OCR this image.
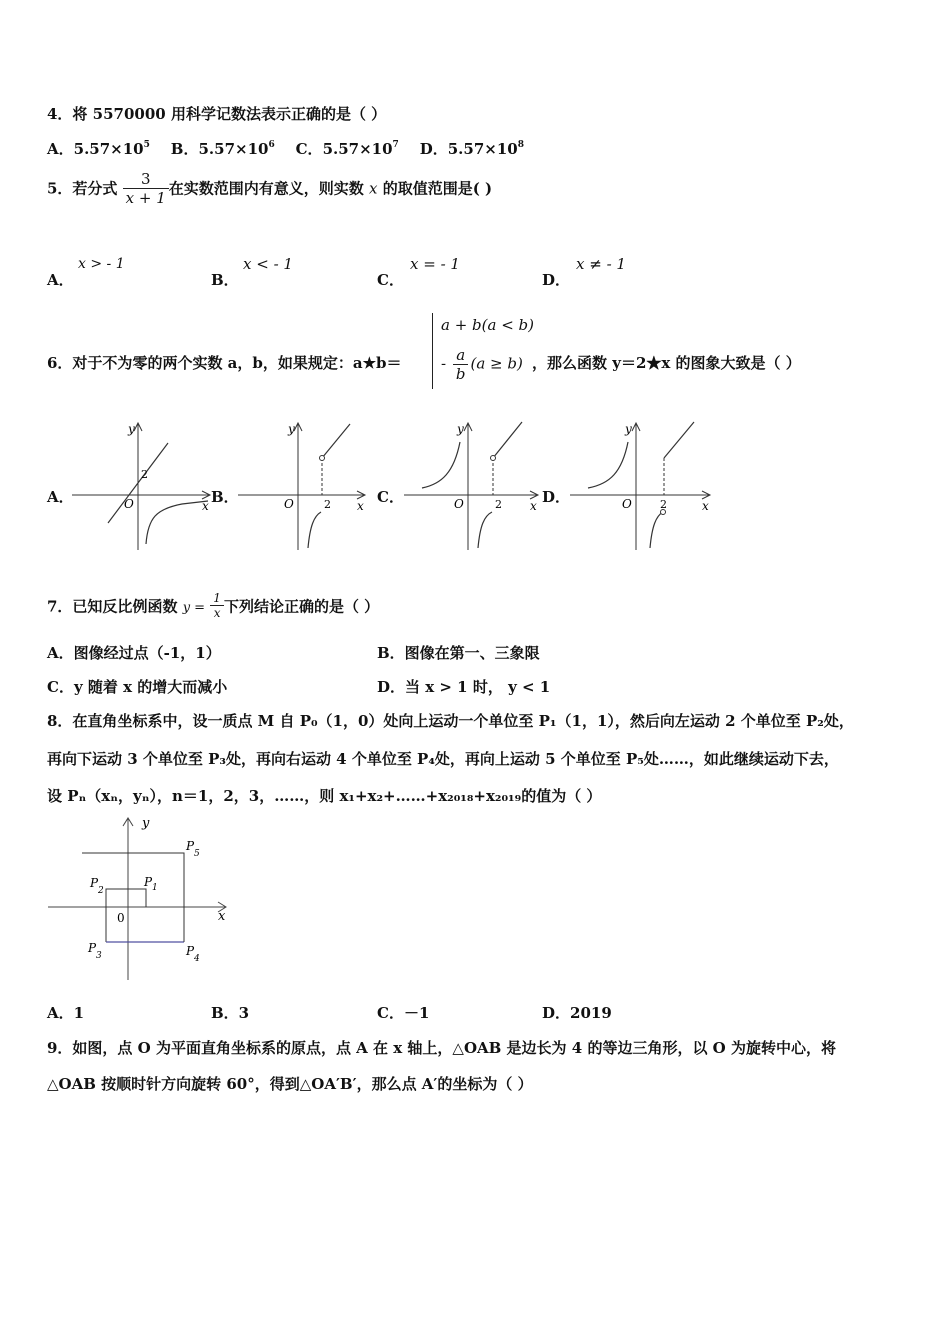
4．将 5570000 用科学记数法表示正确的是（ ）
A．$5.57\times 10^5$ B．$5.57\times 10^6$ C．$5.57\times 10^7$ D．$5.57\times 10^8$
5．若分式 $\frac{3}{x + 1}$ 在实数范围内有意义，则实数 x 的取值范围是( )
A．
x > - 1
B．
x < - 1
C．
x = - 1
D．
x ≠ - 1
6．对于不为零的两个实数 a，b，如果规定：a★b＝
a + b(a < b)
- $\frac{a}{b} (a \ge b)$ ，那么函数 y＝2★x 的图象大致是（ ）
A．	B．	C．	D．
y
x
O
2
y
x
O	2
y
x
O	2
y
x
O	2
7．已知反比例函数 $y = \frac{1}{x}$ 下列结论正确的是（ ）
A．图像经过点（-1，1）	B．图像在第一、三象限
C．y 随着 x 的增大而减小	D．当 x > 1 时， y < 1
8．在直角坐标系中，设一质点 M 自 P₀（1，0）处向上运动一个单位至 P₁（1，1），然后向左运动 2 个单位至 P₂处，
再向下运动 3 个单位至 P₃处，再向右运动 4 个单位至 P₄处，再向上运动 5 个单位至 P₅处……，如此继续运动下去，
设 Pₙ（xₙ，yₙ），n＝1，2，3，……，则 x₁+x₂+……+x₂₀₁₈+x₂₀₁₉的值为（ ）
y
x
0
P 1
P
2
P
3	P
4
P
5
A．1	B．3	C．－1	D．2019
9．如图，点 O 为平面直角坐标系的原点，点 A 在 x 轴上，△OAB 是边长为 4 的等边三角形，以 O 为旋转中心，将
△OAB 按顺时针方向旋转 60°，得到△OA′B′，那么点 A′的坐标为（ ）
